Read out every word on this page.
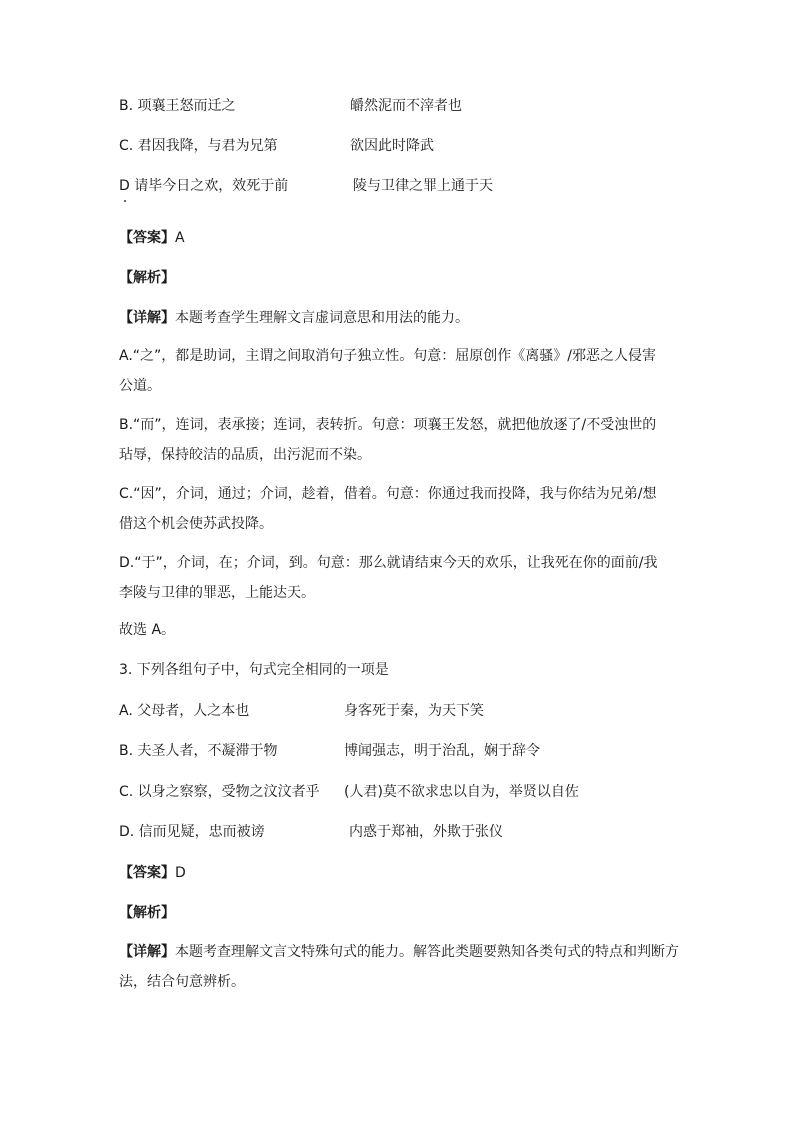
B. 项襄王怒而迁之	皭然泥而不滓者也
C. 君因我降，与君为兄第	欲因此时降武
D 请毕今日之欢，效死于前	陵与卫律之罪上通于天
【答案】A
【解析】
【详解】本题考查学生理解文言虚词意思和用法的能力。
A.“之”，都是助词，主谓之间取消句子独立性。句意：屈原创作《离骚》/邪恶之人侵害
公道。
B.“而”，连词，表承接；连词，表转折。句意：项襄王发怒，就把他放逐了/不受浊世的
玷辱，保持皎洁的品质，出污泥而不染。
C.“因”，介词，通过；介词，趁着，借着。句意：你通过我而投降，我与你结为兄弟/想
借这个机会使苏武投降。
D.“于”，介词，在；介词，到。句意：那么就请结束今天的欢乐，让我死在你的面前/我
李陵与卫律的罪恶，上能达天。
故选 A。
3. 下列各组句子中，句式完全相同的一项是
A. 父母者，人之本也	身客死于秦，为天下笑
B. 夫圣人者，不凝滞于物	博闻强志，明于治乱，娴于辞令
C. 以身之察察，受物之汶汶者乎 (人君)莫不欲求忠以自为，举贤以自佐
D. 信而见疑，忠而被谤	内惑于郑袖，外欺于张仪
【答案】D
【解析】
【详解】本题考查理解文言文特殊句式的能力。解答此类题要熟知各类句式的特点和判断方
法，结合句意辨析。
